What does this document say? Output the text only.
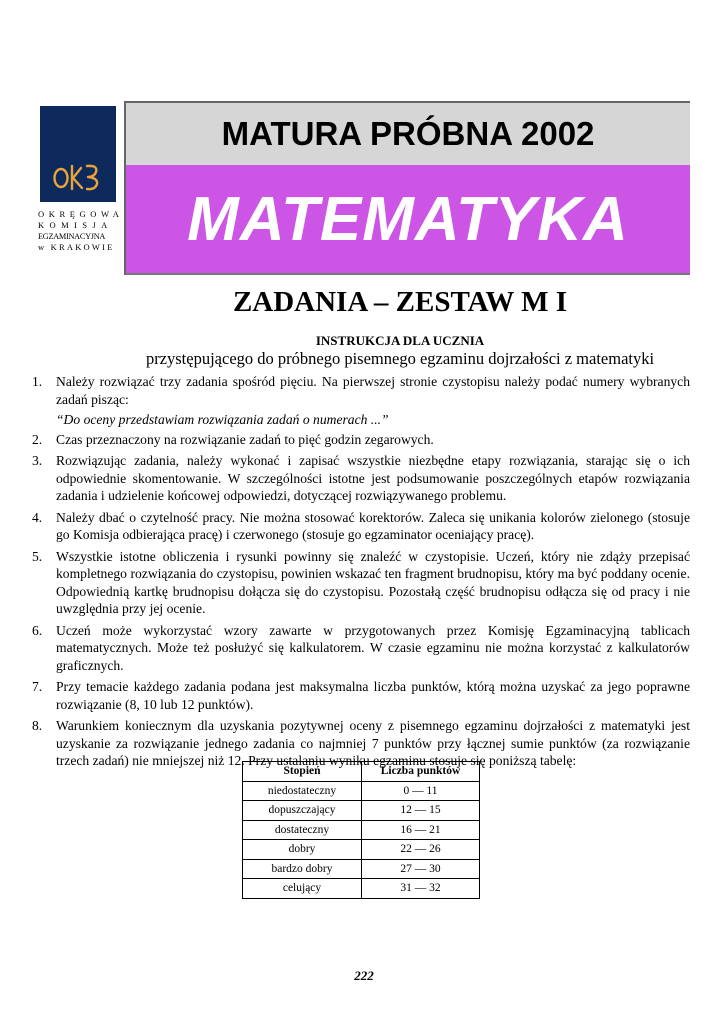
OKRĘGOWA
KOMISJA
EGZAMINACYJNA
w KRAKOWIE
MATURA PRÓBNA 2002
MATEMATYKA
ZADANIA – ZESTAW M I
INSTRUKCJA DLA UCZNIA
przystępującego do próbnego pisemnego egzaminu dojrzałości z matematyki
1. Należy rozwiązać trzy zadania spośród pięciu. Na pierwszej stronie czystopisu należy podać numery wybranych zadań pisząc:
“Do oceny przedstawiam rozwiązania zadań o numerach ...”
2. Czas przeznaczony na rozwiązanie zadań to pięć godzin zegarowych.
3. Rozwiązując zadania, należy wykonać i zapisać wszystkie niezbędne etapy rozwiązania, starając się o ich odpowiednie skomentowanie. W szczególności istotne jest podsumowanie poszczególnych etapów rozwiązania zadania i udzielenie końcowej odpowiedzi, dotyczącej rozwiązywanego problemu.
4. Należy dbać o czytelność pracy. Nie można stosować korektorów. Zaleca się unikania kolorów zielonego (stosuje go Komisja odbierająca pracę) i czerwonego (stosuje go egzaminator oceniający pracę).
5. Wszystkie istotne obliczenia i rysunki powinny się znaleźć w czystopisie. Uczeń, który nie zdąży przepisać kompletnego rozwiązania do czystopisu, powinien wskazać ten fragment brudnopisu, który ma być poddany ocenie. Odpowiednią kartkę brudnopisu dołącza się do czystopisu. Pozostałą część brudnopisu odłącza się od pracy i nie uwzględnia przy jej ocenie.
6. Uczeń może wykorzystać wzory zawarte w przygotowanych przez Komisję Egzaminacyjną tablicach matematycznych. Może też posłużyć się kalkulatorem. W czasie egzaminu nie można korzystać z kalkulatorów graficznych.
7. Przy temacie każdego zadania podana jest maksymalna liczba punktów, którą można uzyskać za jego poprawne rozwiązanie (8, 10 lub 12 punktów).
8. Warunkiem koniecznym dla uzyskania pozytywnej oceny z pisemnego egzaminu dojrzałości z matematyki jest uzyskanie za rozwiązanie jednego zadania co najmniej 7 punktów przy łącznej sumie punktów (za rozwiązanie trzech zadań) nie mniejszej niż 12. Przy ustalaniu wyniku egzaminu stosuje się poniższą tabelę:
Stopień	Liczba punktów
niedostateczny	0 — 11
dopuszczający	12 — 15
dostateczny	16 — 21
dobry	22 — 26
bardzo dobry	27 — 30
celujący	31 — 32
222
